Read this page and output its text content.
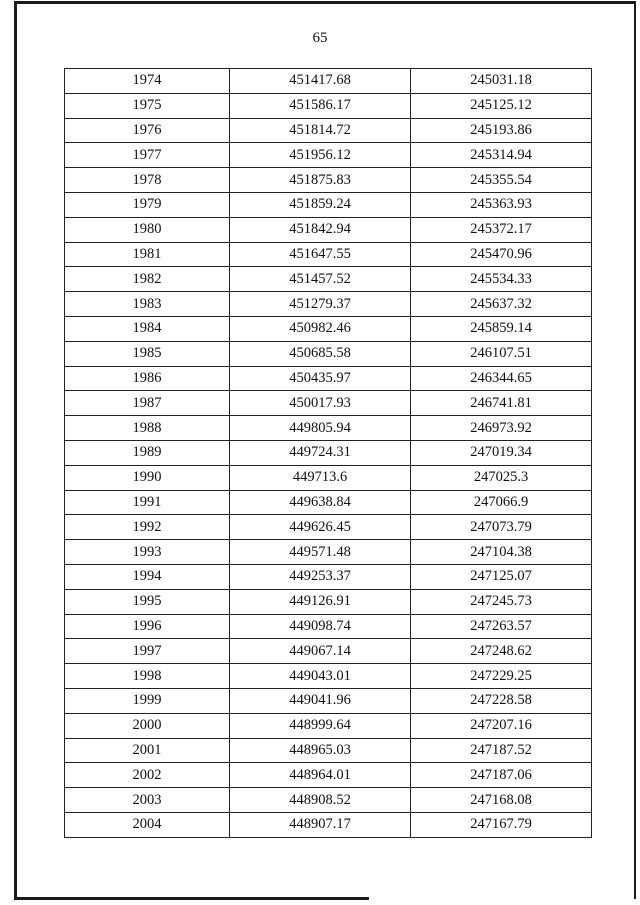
65
1974	451417.68	245031.18
1975	451586.17	245125.12
1976	451814.72	245193.86
1977	451956.12	245314.94
1978	451875.83	245355.54
1979	451859.24	245363.93
1980	451842.94	245372.17
1981	451647.55	245470.96
1982	451457.52	245534.33
1983	451279.37	245637.32
1984	450982.46	245859.14
1985	450685.58	246107.51
1986	450435.97	246344.65
1987	450017.93	246741.81
1988	449805.94	246973.92
1989	449724.31	247019.34
1990	449713.6	247025.3
1991	449638.84	247066.9
1992	449626.45	247073.79
1993	449571.48	247104.38
1994	449253.37	247125.07
1995	449126.91	247245.73
1996	449098.74	247263.57
1997	449067.14	247248.62
1998	449043.01	247229.25
1999	449041.96	247228.58
2000	448999.64	247207.16
2001	448965.03	247187.52
2002	448964.01	247187.06
2003	448908.52	247168.08
2004	448907.17	247167.79
